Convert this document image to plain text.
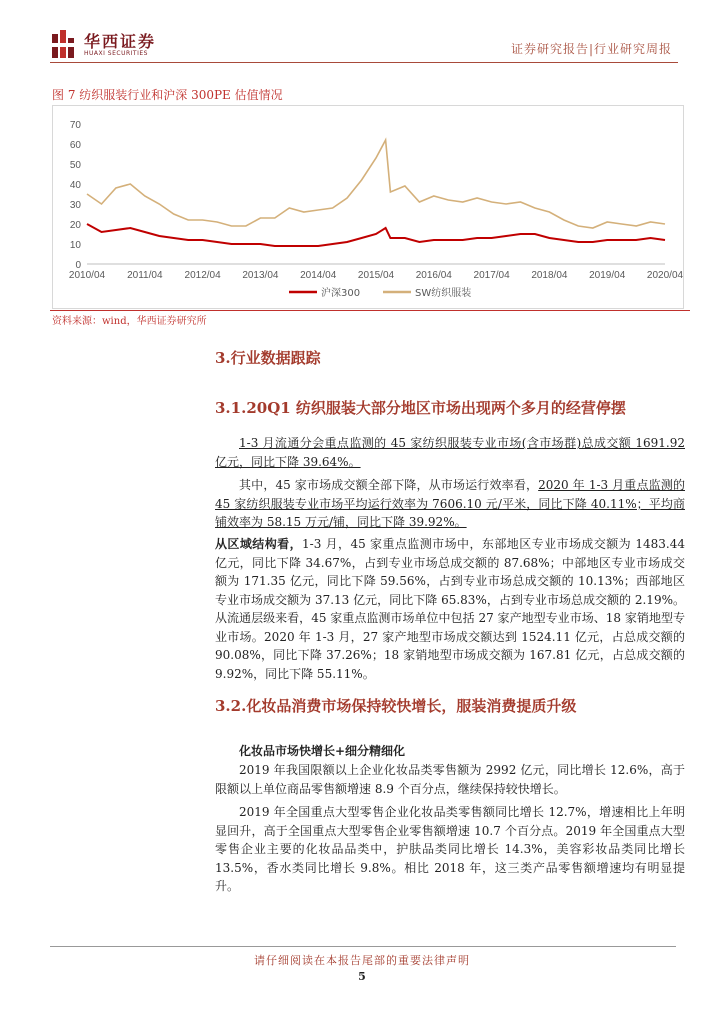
华西证券
HUAXI SECURITIES	证券研究报告|行业研究周报
图 7 纺织服装行业和沪深 300PE 估值情况
0
10
20
30
40
50
60
70
2010/04 2011/04 2012/04 2013/04 2014/04 2015/04 2016/04 2017/04 2018/04 2019/04 2020/04
沪深300	SW纺织服装
资料来源：wind，华西证券研究所
3.行业数据跟踪
3.1.20Q1 纺织服装大部分地区市场出现两个多月的经营停摆
1-3 月流通分会重点监测的 45 家纺织服装专业市场(含市场群)总成交额 1691.92 亿元，同比下降 39.64%。
其中，45 家市场成交额全部下降，从市场运行效率看，2020 年 1-3 月重点监测的 45 家纺织服装专业市场平均运行效率为 7606.10 元/平米，同比下降 40.11%；平均商铺效率为 58.15 万元/铺，同比下降 39.92%。
从区域结构看，1-3 月，45 家重点监测市场中，东部地区专业市场成交额为 1483.44 亿元，同比下降 34.67%，占到专业市场总成交额的 87.68%；中部地区专业市场成交额为 171.35 亿元，同比下降 59.56%，占到专业市场总成交额的 10.13%；西部地区专业市场成交额为 37.13 亿元，同比下降 65.83%，占到专业市场总成交额的 2.19%。从流通层级来看，45 家重点监测市场单位中包括 27 家产地型专业市场、18 家销地型专业市场。2020 年 1-3 月，27 家产地型市场成交额达到 1524.11 亿元，占总成交额的 90.08%，同比下降 37.26%；18 家销地型市场成交额为 167.81 亿元，占总成交额的 9.92%，同比下降 55.11%。
3.2.化妆品消费市场保持较快增长，服装消费提质升级
化妆品市场快增长+细分精细化
2019 年我国限额以上企业化妆品类零售额为 2992 亿元，同比增长 12.6%，高于限额以上单位商品零售额增速 8.9 个百分点，继续保持较快增长。
2019 年全国重点大型零售企业化妆品类零售额同比增长 12.7%，增速相比上年明显回升，高于全国重点大型零售企业零售额增速 10.7 个百分点。2019 年全国重点大型零售企业主要的化妆品品类中，护肤品类同比增长 14.3%，美容彩妆品类同比增长 13.5%，香水类同比增长 9.8%。相比 2018 年，这三类产品零售额增速均有明显提升。
请仔细阅读在本报告尾部的重要法律声明
5
